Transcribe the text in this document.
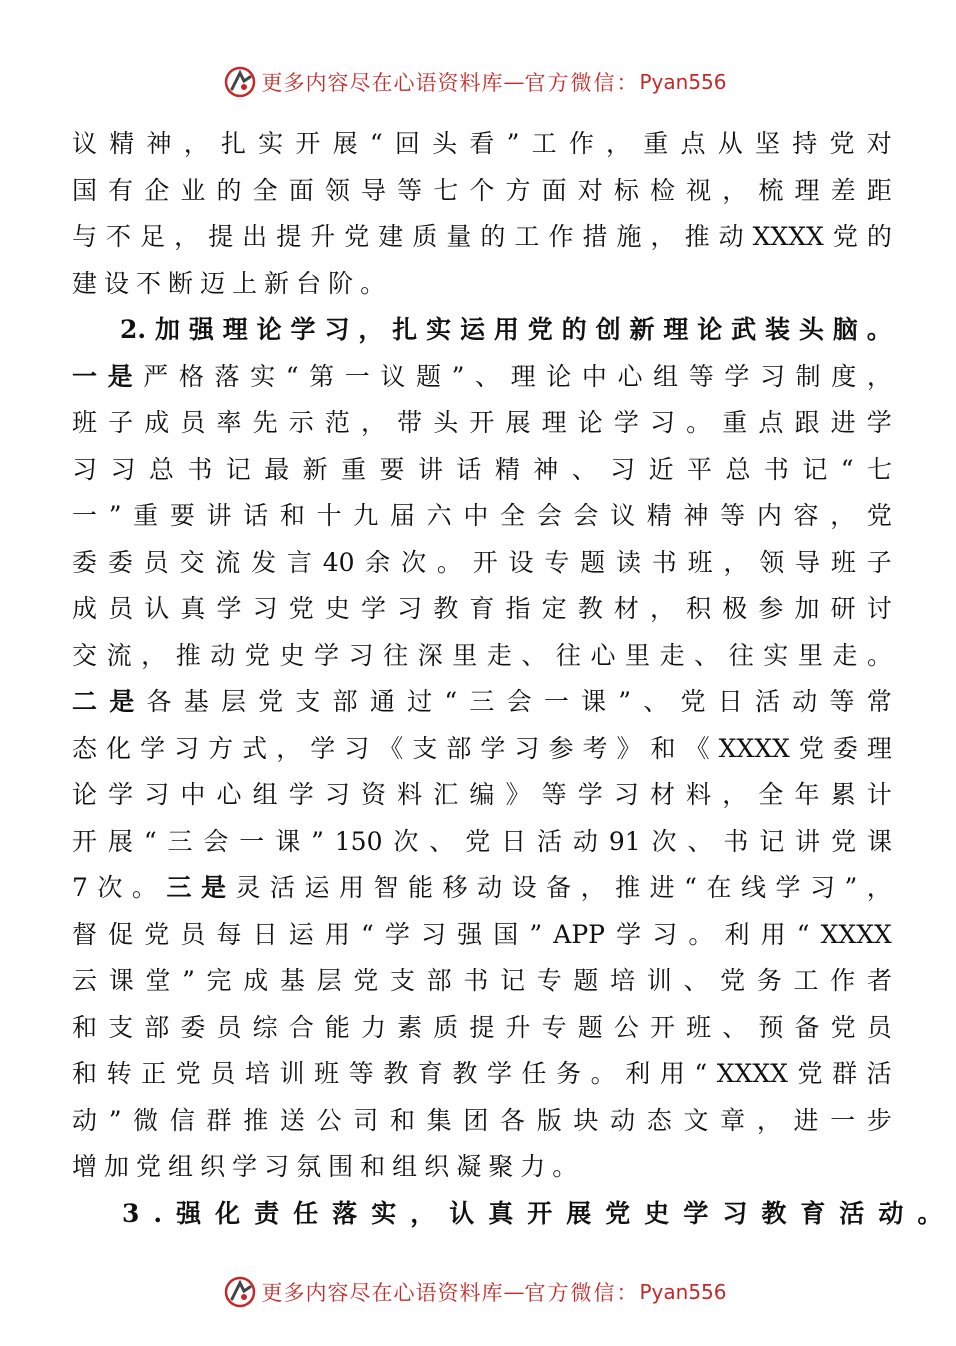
更多内容尽在心语资料库 — 官方微信： Pyan556
议 精 神 ， 扎 实 开 展 “ 回 头 看 ” 工 作 ， 重 点 从 坚 持 党 对
国 有 企 业 的 全 面 领 导 等 七 个 方 面 对 标 检 视 ， 梳 理 差 距
与 不 足 ， 提 出 提 升 党 建 质 量 的 工 作 措 施 ， 推 动 XXXX 党 的
建 设 不 断 迈 上 新 台 阶 。
2. 加 强 理 论 学 习 ， 扎 实 运 用 党 的 创 新 理 论 武 装 头 脑 。
一 是 严 格 落 实 “ 第 一 议 题 ” 、 理 论 中 心 组 等 学 习 制 度 ，
班 子 成 员 率 先 示 范 ， 带 头 开 展 理 论 学 习 。 重 点 跟 进 学
习 习 总 书 记 最 新 重 要 讲 话 精 神 、 习 近 平 总 书 记 “ 七
一 ” 重 要 讲 话 和 十 九 届 六 中 全 会 会 议 精 神 等 内 容 ， 党
委 委 员 交 流 发 言 40 余 次 。 开 设 专 题 读 书 班 ， 领 导 班 子
成 员 认 真 学 习 党 史 学 习 教 育 指 定 教 材 ， 积 极 参 加 研 讨
交 流 ， 推 动 党 史 学 习 往 深 里 走 、 往 心 里 走 、 往 实 里 走 。
二 是 各 基 层 党 支 部 通 过 “ 三 会 一 课 ” 、 党 日 活 动 等 常
态 化 学 习 方 式 ， 学 习 《 支 部 学 习 参 考 》 和 《 XXXX 党 委 理
论 学 习 中 心 组 学 习 资 料 汇 编 》 等 学 习 材 料 ， 全 年 累 计
开 展 “ 三 会 一 课 ” 150 次 、 党 日 活 动 91 次 、 书 记 讲 党 课
7 次 。 三 是 灵 活 运 用 智 能 移 动 设 备 ， 推 进 “ 在 线 学 习 ” ，
督 促 党 员 每 日 运 用 “ 学 习 强 国 ” APP 学 习 。 利 用 “ XXXX
云 课 堂 ” 完 成 基 层 党 支 部 书 记 专 题 培 训 、 党 务 工 作 者
和 支 部 委 员 综 合 能 力 素 质 提 升 专 题 公 开 班 、 预 备 党 员
和 转 正 党 员 培 训 班 等 教 育 教 学 任 务 。 利 用 “ XXXX 党 群 活
动 ” 微 信 群 推 送 公 司 和 集 团 各 版 块 动 态 文 章 ， 进 一 步
增 加 党 组 织 学 习 氛 围 和 组 织 凝 聚 力 。
3. 强 化 责 任 落 实 ， 认 真 开 展 党 史 学 习 教 育 活 动 。
更多内容尽在心语资料库 — 官方微信： Pyan556
